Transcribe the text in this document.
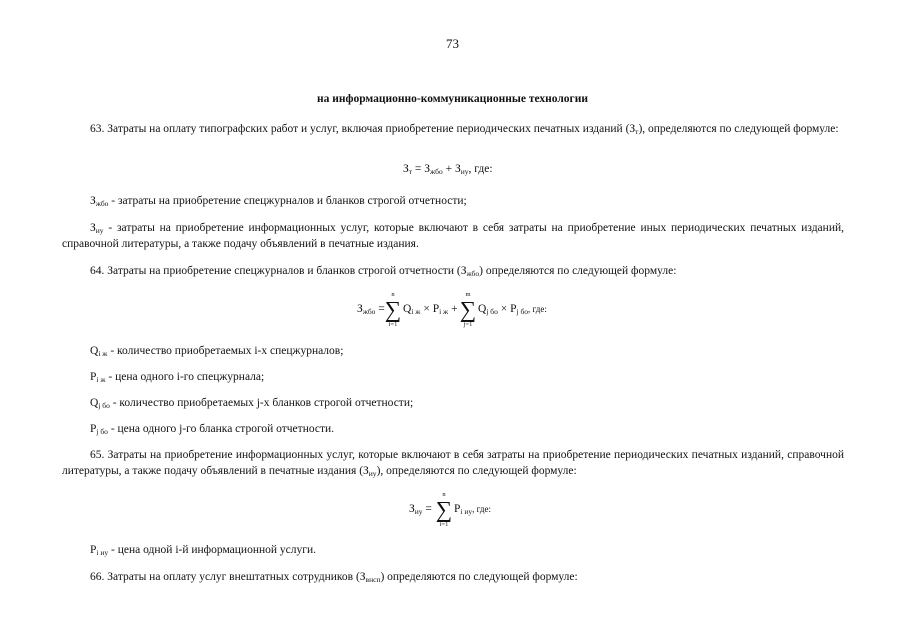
73
на информационно-коммуникационные технологии
63. Затраты на оплату типографских работ и услуг, включая приобретение периодических печатных изданий $(З_т)$, определяются по следующей формуле:
$З_т = З_{жбо} + З_{иу}$, где:
$З_{жбо}$ - затраты на приобретение спецжурналов и бланков строгой отчетности;
$З_{иу}$ - затраты на приобретение информационных услуг, которые включают в себя затраты на приобретение иных периодических печатных изданий, справочной литературы, а также подачу объявлений в печатные издания.
64. Затраты на приобретение спецжурналов и бланков строгой отчетности $(З_{жбо})$ определяются по следующей формуле:
$З_{жбо}$ =
n
∑
i=1
$Q_{i ж} \times P_{i ж}$ +
m
∑
j=1
$Q_{j бо} \times P_{j бо}$, где:
$Q_{i ж}$ - количество приобретаемых i-х спецжурналов;
$P_{i ж}$ - цена одного i-го спецжурнала;
$Q_{j бо}$ - количество приобретаемых j-х бланков строгой отчетности;
$P_{j бо}$ - цена одного j-го бланка строгой отчетности.
65. Затраты на приобретение информационных услуг, которые включают в себя затраты на приобретение периодических печатных изданий, справочной литературы, а также подачу объявлений в печатные издания $(З_{иу})$, определяются по следующей формуле:
$З_{иу}$ =
n
∑
i=1
$P_{i иу}$, где:
$P_{i иу}$ - цена одной i-й информационной услуги.
66. Затраты на оплату услуг внештатных сотрудников $(З_{внсп})$ определяются по следующей формуле:
